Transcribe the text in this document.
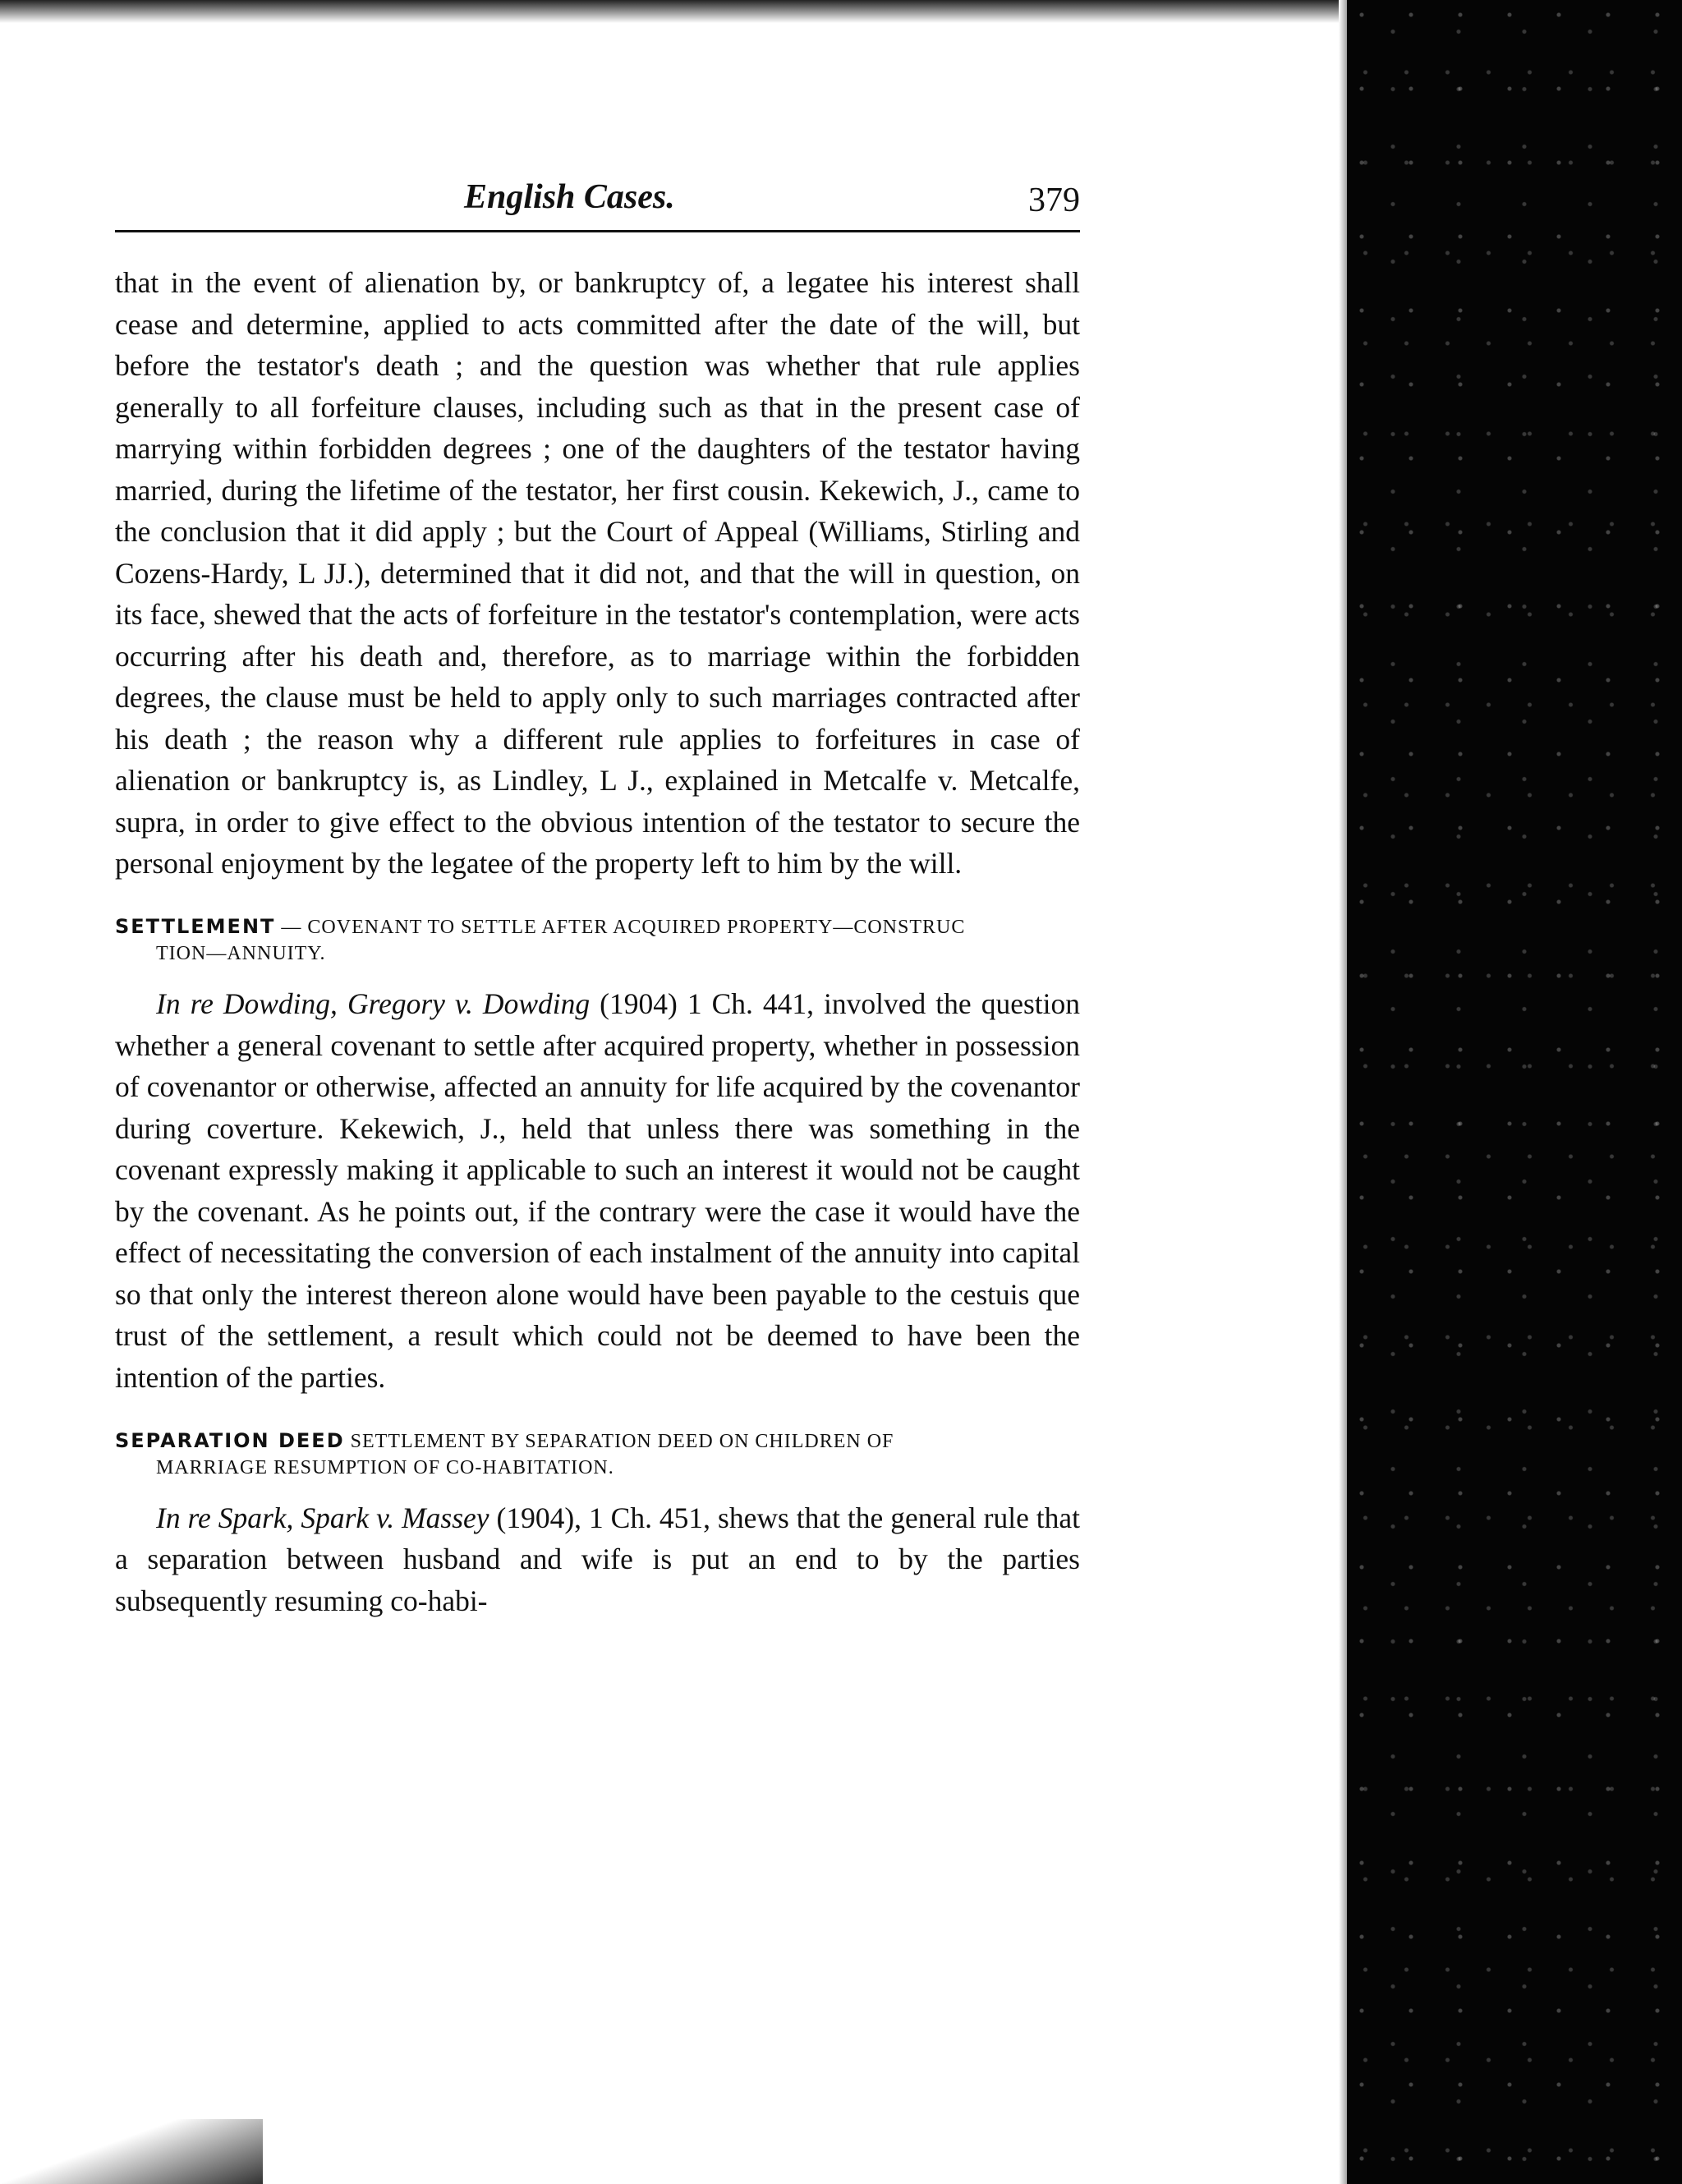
English Cases.	379

that in the event of alienation by, or bankruptcy of, a legatee his interest shall cease and determine, applied to acts committed after the date of the will, but before the testator's death ; and the question was whether that rule applies generally to all forfeiture clauses, including such as that in the present case of marrying within forbidden degrees ; one of the daughters of the testator having married, during the lifetime of the testator, her first cousin. Kekewich, J., came to the conclusion that it did apply ; but the Court of Appeal (Williams, Stirling and Cozens-Hardy, L JJ.), determined that it did not, and that the will in question, on its face, shewed that the acts of forfeiture in the testator's contemplation, were acts occurring after his death and, therefore, as to marriage within the forbidden degrees, the clause must be held to apply only to such marriages contracted after his death ; the reason why a different rule applies to forfeitures in case of alienation or bankruptcy is, as Lindley, L J., explained in Metcalfe v. Metcalfe, supra, in order to give effect to the obvious intention of the testator to secure the personal enjoyment by the legatee of the property left to him by the will.

SETTLEMENT — COVENANT TO SETTLE AFTER ACQUIRED PROPERTY—CONSTRUC
TION—ANNUITY.

In re Dowding, Gregory v. Dowding (1904) 1 Ch. 441, involved the question whether a general covenant to settle after acquired property, whether in possession of covenantor or otherwise, affected an annuity for life acquired by the covenantor during coverture. Kekewich, J., held that unless there was something in the covenant expressly making it applicable to such an interest it would not be caught by the covenant. As he points out, if the contrary were the case it would have the effect of necessitating the conversion of each instalment of the annuity into capital so that only the interest thereon alone would have been payable to the cestuis que trust of the settlement, a result which could not be deemed to have been the intention of the parties.

SEPARATION DEED SETTLEMENT BY SEPARATION DEED ON CHILDREN OF
MARRIAGE RESUMPTION OF CO-HABITATION.

In re Spark, Spark v. Massey (1904), 1 Ch. 451, shews that the general rule that a separation between husband and wife is put an end to by the parties subsequently resuming co-habi-
